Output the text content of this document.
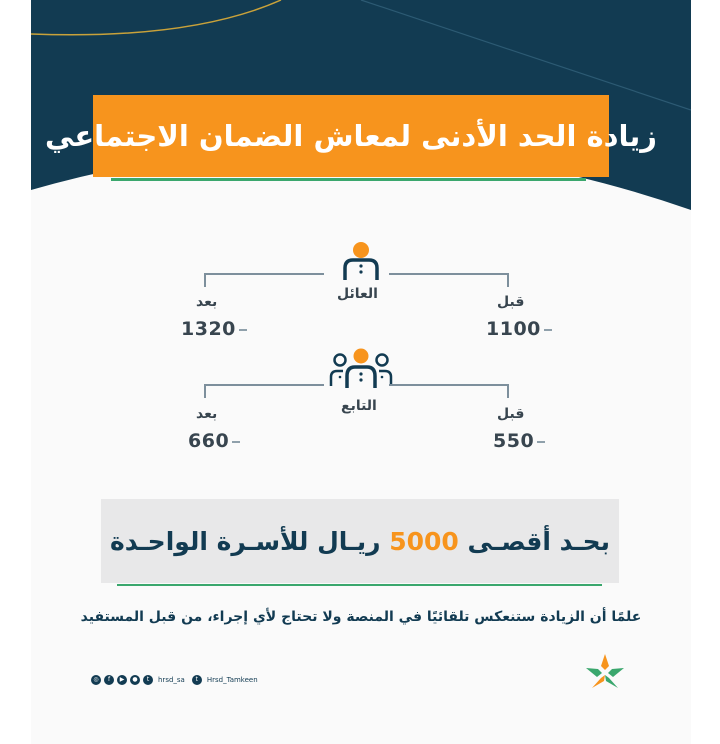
زيادة الحد الأدنى لمعاش الضمان الاجتماعي
العائل
بعد	قبل
1320	1100
التابع
بعد	قبل
660	550
بحـد أقصـى 5000 ريـال للأسـرة الواحـدة
علمًا أن الزيادة ستنعكس تلقائيًا في المنصة ولا تحتاج لأي إجراء، من قبل المستفيد
◎	f	▶	●	t	hrsd_sa	t	Hrsd_Tamkeen
